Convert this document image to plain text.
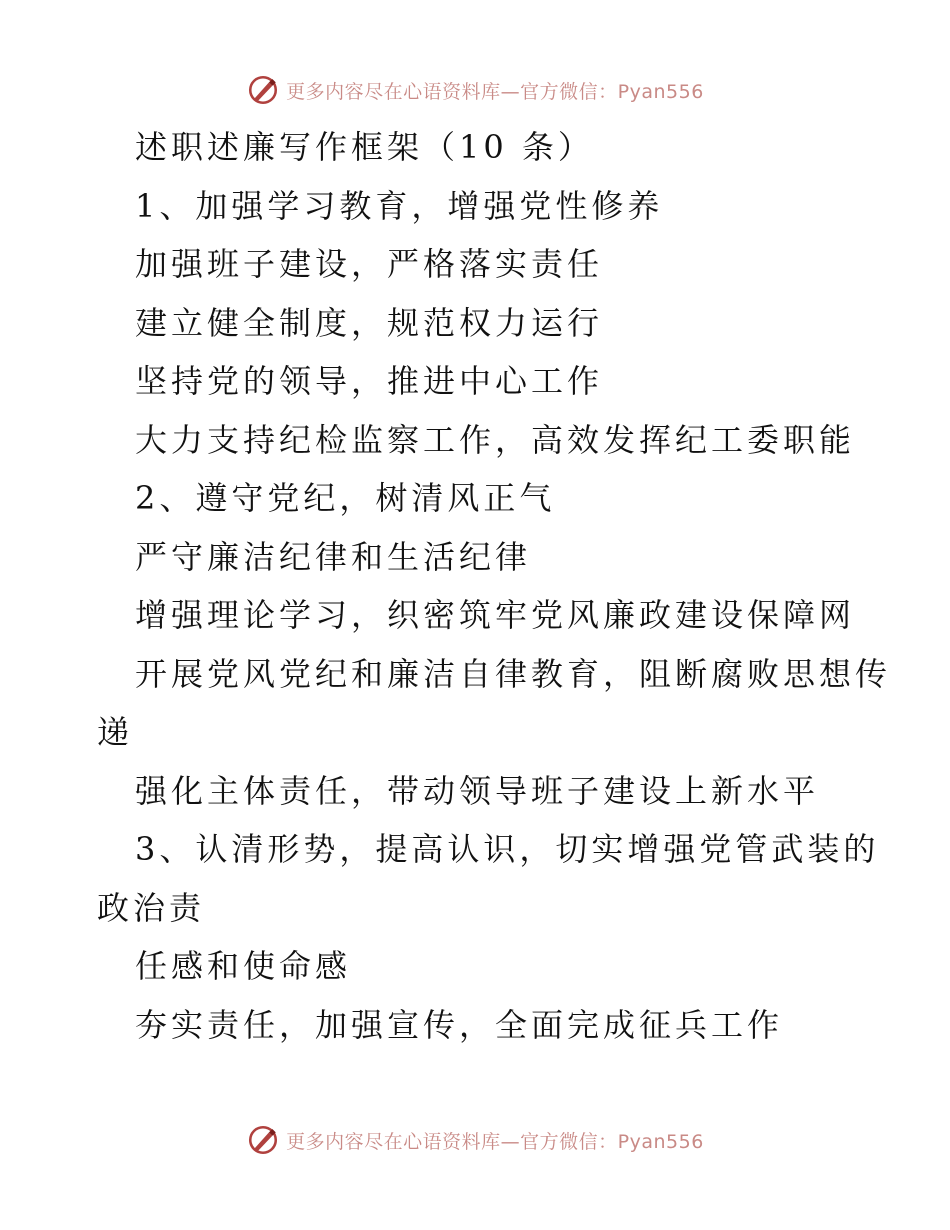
更多内容尽在心语资料库—官方微信：Pyan556
述职述廉写作框架（10 条）
1、加强学习教育，增强党性修养
加强班子建设，严格落实责任
建立健全制度，规范权力运行
坚持党的领导，推进中心工作
大力支持纪检监察工作，高效发挥纪工委职能
2、遵守党纪，树清风正气
严守廉洁纪律和生活纪律
增强理论学习，织密筑牢党风廉政建设保障网
开展党风党纪和廉洁自律教育，阻断腐败思想传
递
强化主体责任，带动领导班子建设上新水平
3、认清形势，提高认识，切实增强党管武装的
政治责
任感和使命感
夯实责任，加强宣传，全面完成征兵工作
更多内容尽在心语资料库—官方微信：Pyan556
